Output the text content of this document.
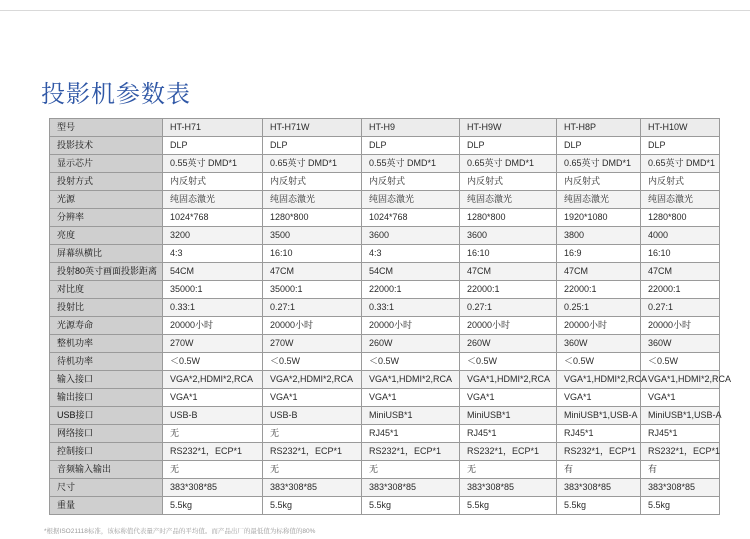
投影机参数表
型号	HT-H71	HT-H71W	HT-H9	HT-H9W	HT-H8P	HT-H10W
投影技术	DLP	DLP	DLP	DLP	DLP	DLP
显示芯片	0.55英寸 DMD*1	0.65英寸 DMD*1	0.55英寸 DMD*1	0.65英寸 DMD*1	0.65英寸 DMD*1	0.65英寸 DMD*1
投射方式	内反射式	内反射式	内反射式	内反射式	内反射式	内反射式
光源	纯固态激光	纯固态激光	纯固态激光	纯固态激光	纯固态激光	纯固态激光
分辨率	1024*768	1280*800	1024*768	1280*800	1920*1080	1280*800
亮度	3200	3500	3600	3600	3800	4000
屏幕纵横比	4:3	16:10	4:3	16:10	16:9	16:10
投射80英寸画面投影距离	54CM	47CM	54CM	47CM	47CM	47CM
对比度	35000:1	35000:1	22000:1	22000:1	22000:1	22000:1
投射比	0.33:1	0.27:1	0.33:1	0.27:1	0.25:1	0.27:1
光源寿命	20000小时	20000小时	20000小时	20000小时	20000小时	20000小时
整机功率	270W	270W	260W	260W	360W	360W
待机功率	＜0.5W	＜0.5W	＜0.5W	＜0.5W	＜0.5W	＜0.5W
输入接口	VGA*2,HDMI*2,RCA	VGA*2,HDMI*2,RCA	VGA*1,HDMI*2,RCA	VGA*1,HDMI*2,RCA	VGA*1,HDMI*2,RCA	VGA*1,HDMI*2,RCA
输出接口	VGA*1	VGA*1	VGA*1	VGA*1	VGA*1	VGA*1
USB接口	USB-B	USB-B	MiniUSB*1	MiniUSB*1	MiniUSB*1,USB-A	MiniUSB*1,USB-A
网络接口	无	无	RJ45*1	RJ45*1	RJ45*1	RJ45*1
控制接口	RS232*1，ECP*1	RS232*1，ECP*1	RS232*1，ECP*1	RS232*1，ECP*1	RS232*1，ECP*1	RS232*1，ECP*1
音频输入输出	无	无	无	无	有	有
尺寸	383*308*85	383*308*85	383*308*85	383*308*85	383*308*85	383*308*85
重量	5.5kg	5.5kg	5.5kg	5.5kg	5.5kg	5.5kg
*根据ISO21118标准，该标称值代表量产时产品的平均值。而产品出厂的最低值为标称值的80%
